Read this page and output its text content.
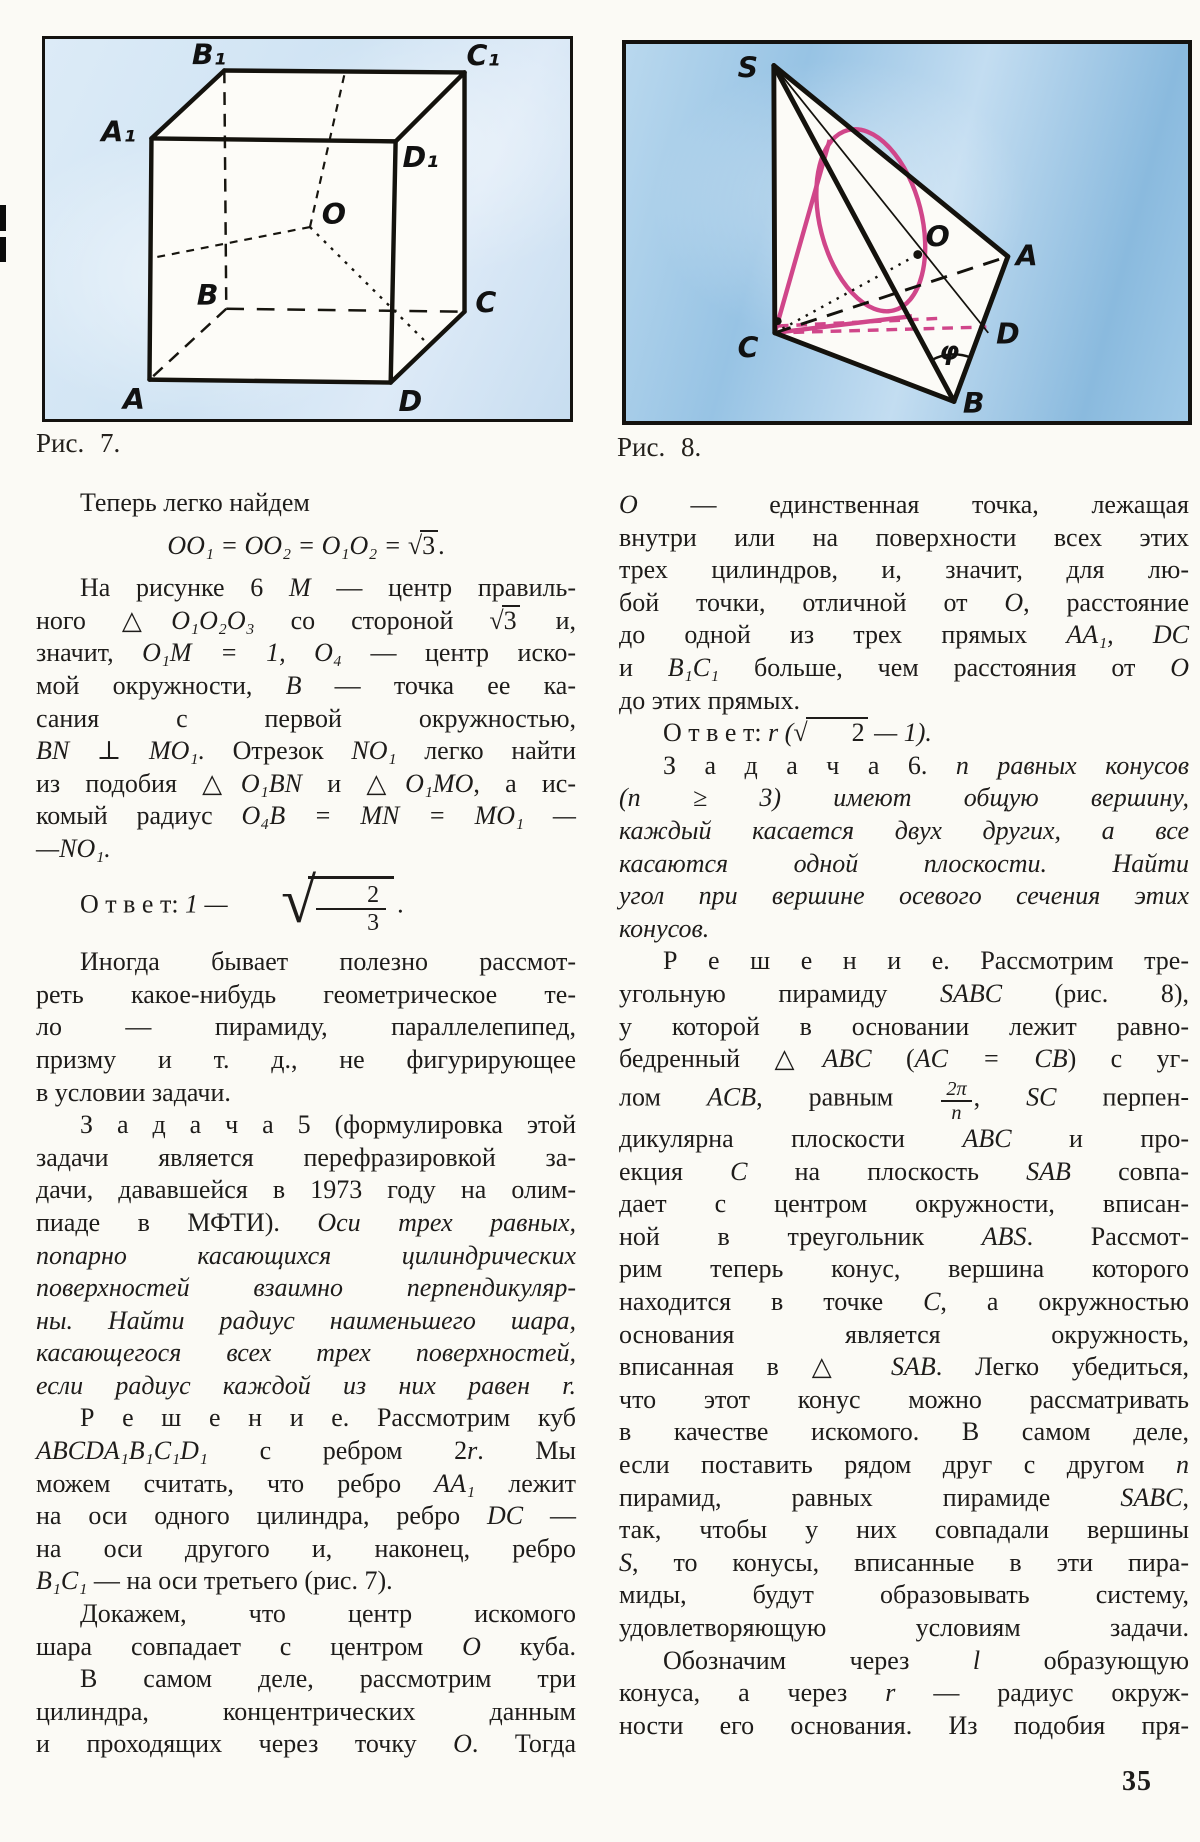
A₁
B₁	C₁
D₁
O
B	C
A	D
S
O
A
C	D
B
φ
Рис. 7.	Рис. 8.
Теперь легко найдем
OO₁ = OO₂ = O₁O₂ = √3 .
На рисунке 6 M — центр правиль-
ного △O₁O₂O₃ со стороной √3 и,
значит, O₁M = 1, O₄ — центр иско-
мой окружности, B — точка ее ка-
сания с первой окружностью,
BN ⊥ MO₁. Отрезок NO₁ легко найти
из подобия △O₁BN и △O₁MO, а ис-
комый радиус O₄B = MN = MO₁ —
—NO₁.
О т в е т: 1 — √	2
3
.
Иногда бывает полезно рассмот-
реть какое-нибудь геометрическое те-
ло — пирамиду, параллелепипед,
призму и т. д., не фигурирующее
в условии задачи.
З а д а ч а 5 (формулировка этой
задачи является перефразировкой за-
дачи, дававшейся в 1973 году на олим-
пиаде в МФТИ). Оси трех равных,
попарно касающихся цилиндрических
поверхностей взаимно перпендикуляр-
ны. Найти радиус наименьшего шара,
касающегося всех трех поверхностей,
если радиус каждой из них равен r.
Р е ш е н и е. Рассмотрим куб
ABCDA₁B₁C₁D₁ с ребром 2r. Мы
можем считать, что ребро AA₁ лежит
на оси одного цилиндра, ребро DC —
на оси другого и, наконец, ребро
B₁C₁ — на оси третьего (рис. 7).
Докажем, что центр искомого
шара совпадает с центром O куба.
В самом деле, рассмотрим три
цилиндра, концентрических данным
и проходящих через точку O. Тогда
O — единственная точка, лежащая
внутри или на поверхности всех этих
трех цилиндров, и, значит, для лю-
бой точки, отличной от O, расстояние
до одной из трех прямых AA₁, DC
и B₁C₁ больше, чем расстояния от O
до этих прямых.
О т в е т: r (√ 2 — 1).
З а д а ч а 6. n равных конусов
(n ≥ 3) имеют общую вершину,
каждый касается двух других, а все
касаются одной плоскости. Найти
угол при вершине осевого сечения этих
конусов.
Р е ш е н и е. Рассмотрим тре-
угольную пирамиду SABC (рис. 8),
у которой в основании лежит равно-
бедренный △ABC (AC = CB) с уг-
лом ACB, равным $\frac{2\pi}{n}$ , SC перпен-
дикулярна плоскости ABC и про-
екция C на плоскость SAB совпа-
дает с центром окружности, вписан-
ной в треугольник ABS. Рассмот-
рим теперь конус, вершина которого
находится в точке C, а окружностью
основания является окружность,
вписанная в △ SAB. Легко убедиться,
что этот конус можно рассматривать
в качестве искомого. В самом деле,
если поставить рядом друг с другом n
пирамид, равных пирамиде SABC,
так, чтобы у них совпадали вершины
S, то конусы, вписанные в эти пира-
миды, будут образовывать систему,
удовлетворяющую условиям задачи.
Обозначим через l образующую
конуса, а через r — радиус окруж-
ности его основания. Из подобия пря-
35
